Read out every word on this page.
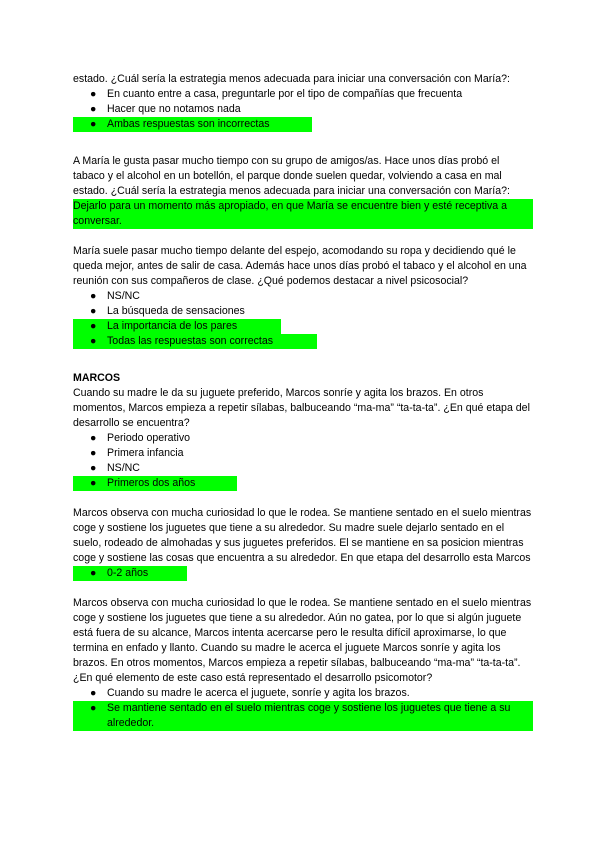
estado. ¿Cuál sería la estrategia menos adecuada para iniciar una conversación con María?:

● En cuanto entre a casa, preguntarle por el tipo de compañías que frecuenta
● Hacer que no notamos nada
● Ambas respuestas son incorrectas

A María le gusta pasar mucho tiempo con su grupo de amigos/as. Hace unos días probó el tabaco y el alcohol en un botellón, el parque donde suelen quedar, volviendo a casa en mal estado. ¿Cuál sería la estrategia menos adecuada para iniciar una conversación con María?:

Dejarlo para un momento más apropiado, en que María se encuentre bien y esté receptiva a conversar.

María suele pasar mucho tiempo delante del espejo, acomodando su ropa y decidiendo qué le queda mejor, antes de salir de casa. Además hace unos días probó el tabaco y el alcohol en una reunión con sus compañeros de clase. ¿Qué podemos destacar a nivel psicosocial?

● NS/NC
● La búsqueda de sensaciones
● La importancia de los pares
● Todas las respuestas son correctas
MARCOS

Cuando su madre le da su juguete preferido, Marcos sonríe y agita los brazos. En otros momentos, Marcos empieza a repetir sílabas, balbuceando “ma-ma” “ta-ta-ta”. ¿En qué etapa del desarrollo se encuentra?

● Periodo operativo
● Primera infancia
● NS/NC
● Primeros dos años

Marcos observa con mucha curiosidad lo que le rodea. Se mantiene sentado en el suelo mientras coge y sostiene los juguetes que tiene a su alrededor. Su madre suele dejarlo sentado en el suelo, rodeado de almohadas y sus juguetes preferidos. El se mantiene en sa posicion mientras coge y sostiene las cosas que encuentra a su alrededor. En que etapa del desarrollo esta Marcos

● 0-2 años

Marcos observa con mucha curiosidad lo que le rodea. Se mantiene sentado en el suelo mientras coge y sostiene los juguetes que tiene a su alrededor. Aún no gatea, por lo que si algún juguete está fuera de su alcance, Marcos intenta acercarse pero le resulta difícil aproximarse, lo que termina en enfado y llanto. Cuando su madre le acerca el juguete Marcos sonríe y agita los brazos. En otros momentos, Marcos empieza a repetir sílabas, balbuceando “ma-ma” “ta-ta-ta”. ¿En qué elemento de este caso está representado el desarrollo psicomotor?

● Cuando su madre le acerca el juguete, sonríe y agita los brazos.
● Se mantiene sentado en el suelo mientras coge y sostiene los juguetes que tiene a su alrededor.
